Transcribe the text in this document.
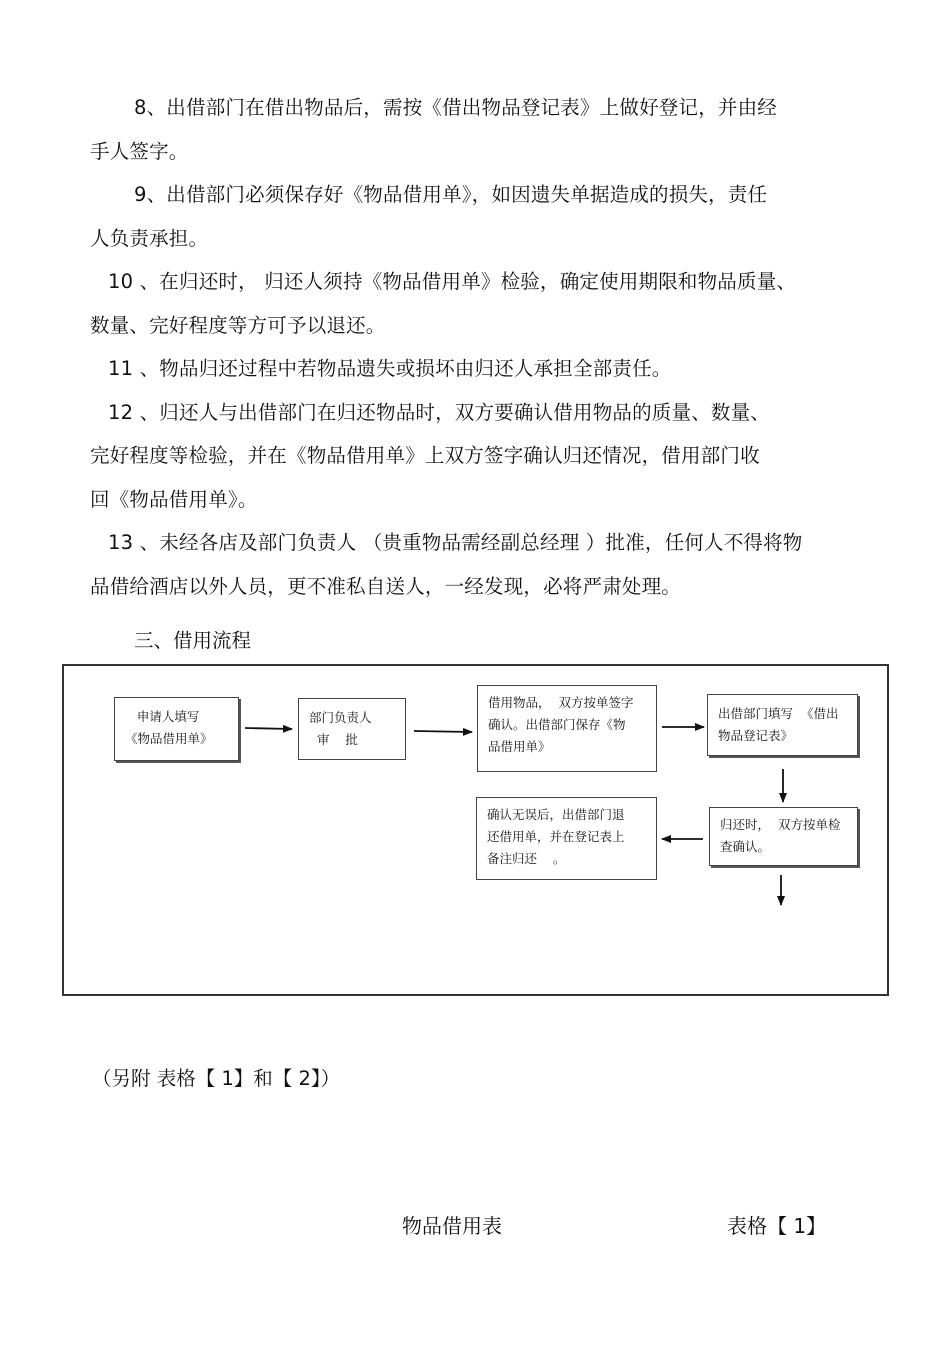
8、出借部门在借出物品后，需按《借出物品登记表》上做好登记，并由经
手人签字。
9、出借部门必须保存好《物品借用单》，如因遗失单据造成的损失，责任
人负责承担。
10 、在归还时， 归还人须持《物品借用单》检验，确定使用期限和物品质量、
数量、完好程度等方可予以退还。
11 、物品归还过程中若物品遗失或损坏由归还人承担全部责任。
12 、归还人与出借部门在归还物品时，双方要确认借用物品的质量、数量、
完好程度等检验，并在《物品借用单》上双方签字确认归还情况，借用部门收
回《物品借用单》。
13 、未经各店及部门负责人 （贵重物品需经副总经理 ）批准，任何人不得将物
品借给酒店以外人员，更不准私自送人，一经发现，必将严肃处理。
三、借用流程
申请人填写
《物品借用单》
部门负责人
审    批
借用物品，  双方按单签字
确认。出借部门保存《物
品借用单》
出借部门填写  《借出
物品登记表》
归还时，  双方按单检
查确认。
确认无误后，出借部门退
还借用单，并在登记表上
备注归还    。
（另附 表格【 1】和【 2】）
物品借用表	表格【 1】
